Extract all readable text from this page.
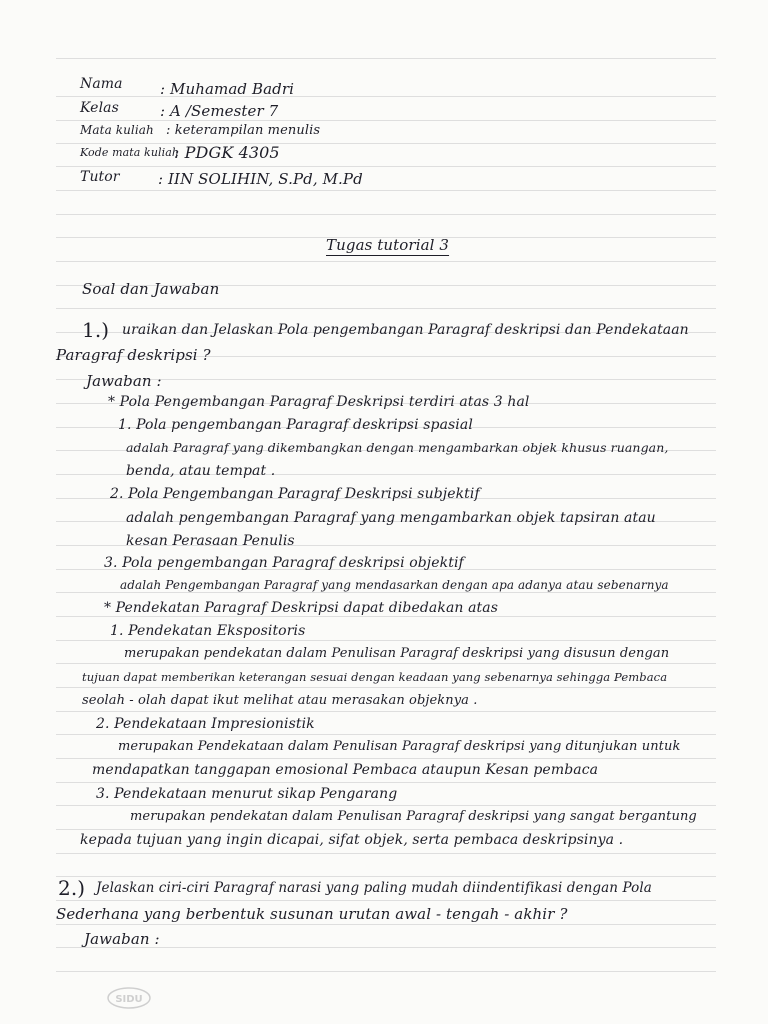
Nama : Muhamad Badri
Kelas	: A /Semester 7
Mata kuliah : keterampilan menulis
Kode mata kuliah
: PDGK 4305
Tutor	: IIN SOLIHIN, S.Pd, M.Pd
Tugas tutorial 3
Soal dan Jawaban
1.) uraikan dan Jelaskan Pola pengembangan Paragraf deskripsi dan Pendekataan
Paragraf deskripsi ?
Jawaban :
* Pola Pengembangan Paragraf Deskripsi terdiri atas 3 hal
1. Pola pengembangan Paragraf deskripsi spasial
adalah Paragraf yang dikembangkan dengan mengambarkan objek khusus ruangan,
benda, atau tempat .
2. Pola Pengembangan Paragraf Deskripsi subjektif
adalah pengembangan Paragraf yang mengambarkan objek tapsiran atau
kesan Perasaan Penulis
3. Pola pengembangan Paragraf deskripsi objektif
adalah Pengembangan Paragraf yang mendasarkan dengan apa adanya atau sebenarnya
* Pendekatan Paragraf Deskripsi dapat dibedakan atas
1. Pendekatan Ekspositoris
merupakan pendekatan dalam Penulisan Paragraf deskripsi yang disusun dengan
tujuan dapat memberikan keterangan sesuai dengan keadaan yang sebenarnya sehingga Pembaca
seolah - olah dapat ikut melihat atau merasakan objeknya .
2. Pendekataan Impresionistik
merupakan Pendekataan dalam Penulisan Paragraf deskripsi yang ditunjukan untuk
mendapatkan tanggapan emosional Pembaca ataupun Kesan pembaca
3. Pendekataan menurut sikap Pengarang
merupakan pendekatan dalam Penulisan Paragraf deskripsi yang sangat bergantung
kepada tujuan yang ingin dicapai, sifat objek, serta pembaca deskripsinya .
2.) Jelaskan ciri-ciri Paragraf narasi yang paling mudah diindentifikasi dengan Pola
Sederhana yang berbentuk susunan urutan awal - tengah - akhir ?
Jawaban :
SIDU
